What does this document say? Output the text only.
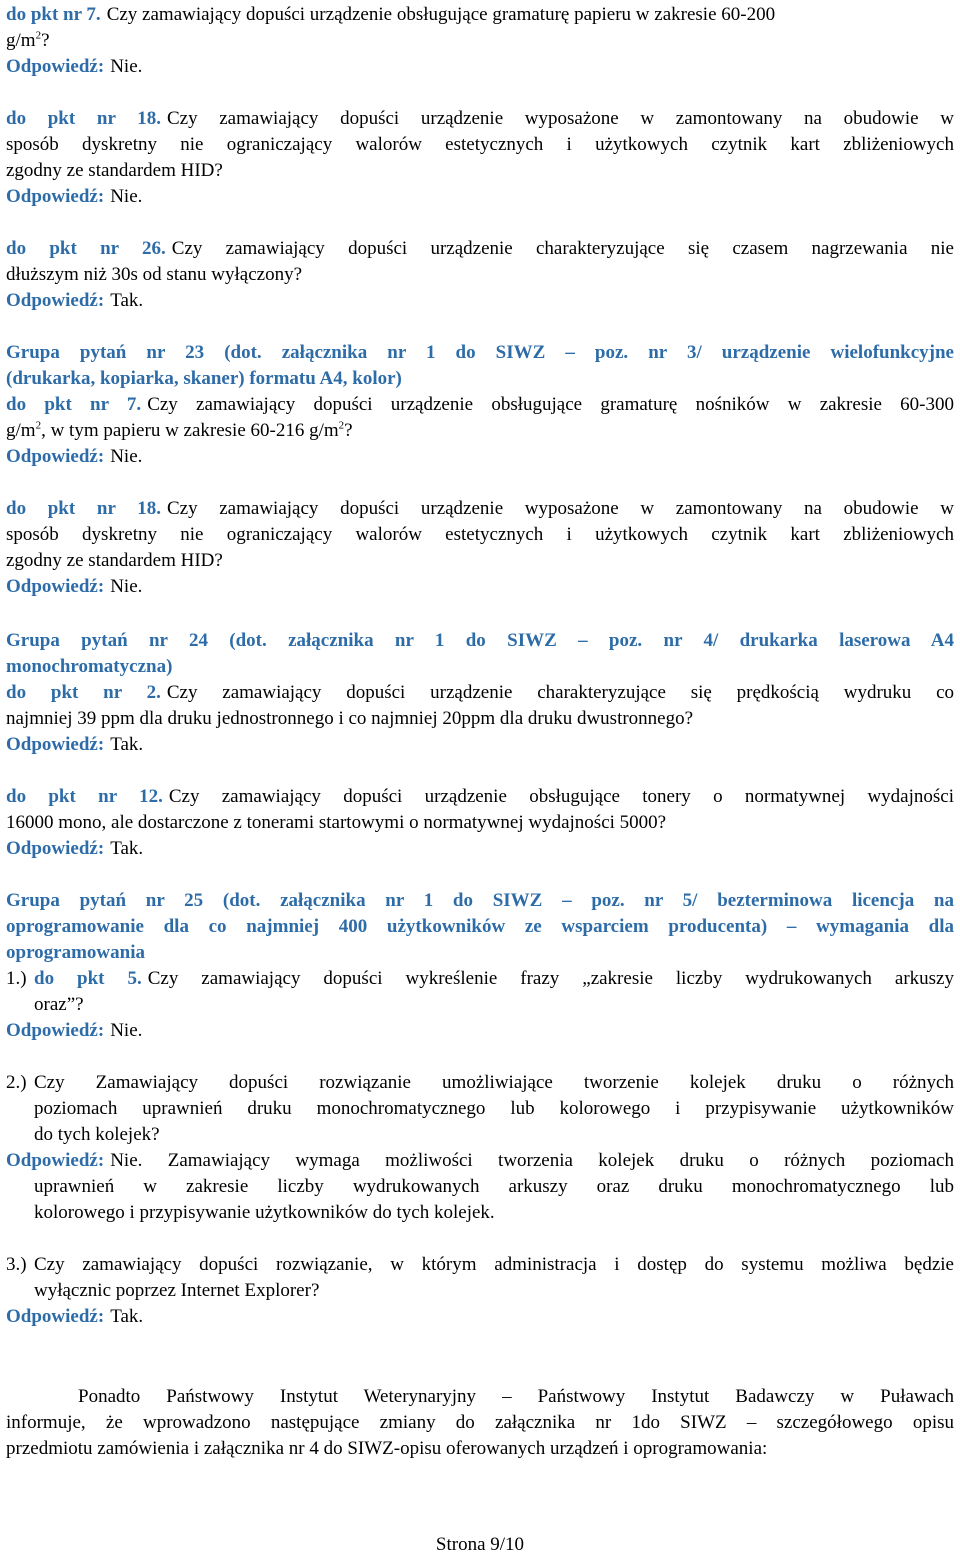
do pkt nr 7. Czy zamawiający dopuści urządzenie obsługujące gramaturę papieru w zakresie 60-200
$g/m^2$?
Odpowiedź: Nie.
do pkt nr 18. Czy zamawiający dopuści urządzenie wyposażone w zamontowany na obudowie w
sposób dyskretny nie ograniczający walorów estetycznych i użytkowych czytnik kart zbliżeniowych
zgodny ze standardem HID?
Odpowiedź: Nie.
do pkt nr 26. Czy zamawiający dopuści urządzenie charakteryzujące się czasem nagrzewania nie
dłuższym niż 30s od stanu wyłączony?
Odpowiedź: Tak.
Grupa pytań nr 23 (dot. załącznika nr 1 do SIWZ – poz. nr 3/ urządzenie wielofunkcyjne
(drukarka, kopiarka, skaner) formatu A4, kolor)
do pkt nr 7. Czy zamawiający dopuści urządzenie obsługujące gramaturę nośników w zakresie 60-300
$g/m^2$, w tym papieru w zakresie 60-216 $g/m^2$?
Odpowiedź: Nie.
do pkt nr 18. Czy zamawiający dopuści urządzenie wyposażone w zamontowany na obudowie w
sposób dyskretny nie ograniczający walorów estetycznych i użytkowych czytnik kart zbliżeniowych
zgodny ze standardem HID?
Odpowiedź: Nie.
Grupa pytań nr 24 (dot. załącznika nr 1 do SIWZ – poz. nr 4/ drukarka laserowa A4
monochromatyczna)
do pkt nr 2. Czy zamawiający dopuści urządzenie charakteryzujące się prędkością wydruku co
najmniej 39 ppm dla druku jednostronnego i co najmniej 20ppm dla druku dwustronnego?
Odpowiedź: Tak.
do pkt nr 12. Czy zamawiający dopuści urządzenie obsługujące tonery o normatywnej wydajności
16000 mono, ale dostarczone z tonerami startowymi o normatywnej wydajności 5000?
Odpowiedź: Tak.
Grupa pytań nr 25 (dot. załącznika nr 1 do SIWZ – poz. nr 5/ bezterminowa licencja na
oprogramowanie dla co najmniej 400 użytkowników ze wsparciem producenta) – wymagania dla
oprogramowania
1.) do pkt 5. Czy zamawiający dopuści wykreślenie frazy „zakresie liczby wydrukowanych arkuszy
oraz”?
Odpowiedź: Nie.
2.) Czy Zamawiający dopuści rozwiązanie umożliwiające tworzenie kolejek druku o różnych
poziomach uprawnień druku monochromatycznego lub kolorowego i przypisywanie użytkowników
do tych kolejek?
Odpowiedź: Nie. Zamawiający wymaga możliwości tworzenia kolejek druku o różnych poziomach
uprawnień w zakresie liczby wydrukowanych arkuszy oraz druku monochromatycznego lub
kolorowego i przypisywanie użytkowników do tych kolejek.
3.) Czy zamawiający dopuści rozwiązanie, w którym administracja i dostęp do systemu możliwa będzie
wyłącznic poprzez Internet Explorer?
Odpowiedź: Tak.
Ponadto Państwowy Instytut Weterynaryjny – Państwowy Instytut Badawczy w Puławach
informuje, że wprowadzono następujące zmiany do załącznika nr 1do SIWZ – szczegółowego opisu
przedmiotu zamówienia i załącznika nr 4 do SIWZ-opisu oferowanych urządzeń i oprogramowania:
Strona 9/10
